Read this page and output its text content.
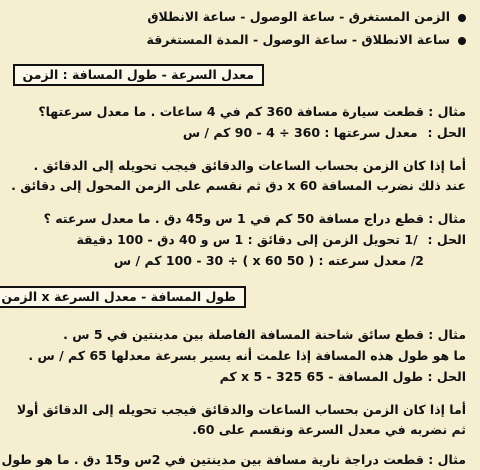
الزمن المستغرق - ساعة الوصول - ساعة الانطلاق
ساعة الانطلاق - ساعة الوصول - المدة المستغرقة
معدل السرعة - طول المسافة : الزمن
مثال : قطعت سيارة مسافة 360 كم في 4 ساعات . ما معدل سرعتها؟
الحل : معدل سرعتها : 360 ÷ 4 - 90 كم / س
أما إذا كان الزمن بحساب الساعات والدقائق فيجب تحويله إلى الدقائق .
عند ذلك نضرب المسافة x 60 دق ثم نقسم على الزمن المحول إلى دقائق .
مثال : قطع دراج مسافة 50 كم في 1 س و45 دق . ما معدل سرعته ؟
الحل : /1 تحويل الزمن إلى دقائق : 1 س و 40 دق - 100 دقيقة
2/ معدل سرعته : ( 50 x 60 ) ÷ 100 - 30 كم / س
طول المسافة - معدل السرعة x الزمن
مثال : قطع سائق شاحنة المسافة الفاصلة بين مدينتين في 5 س .
ما هو طول هذه المسافة إذا علمت أنه يسير بسرعة معدلها 65 كم / س .
الحل : طول المسافة - 65 x 5 - 325 كم
أما إذا كان الزمن بحساب الساعات والدقائق فيجب تحويله إلى الدقائق أولا
ثم نضربه في معدل السرعة ونقسم على 60.
مثال : قطعت دراجة نارية مسافة بين مدينتين في 2س و15 دق . ما هو طول
